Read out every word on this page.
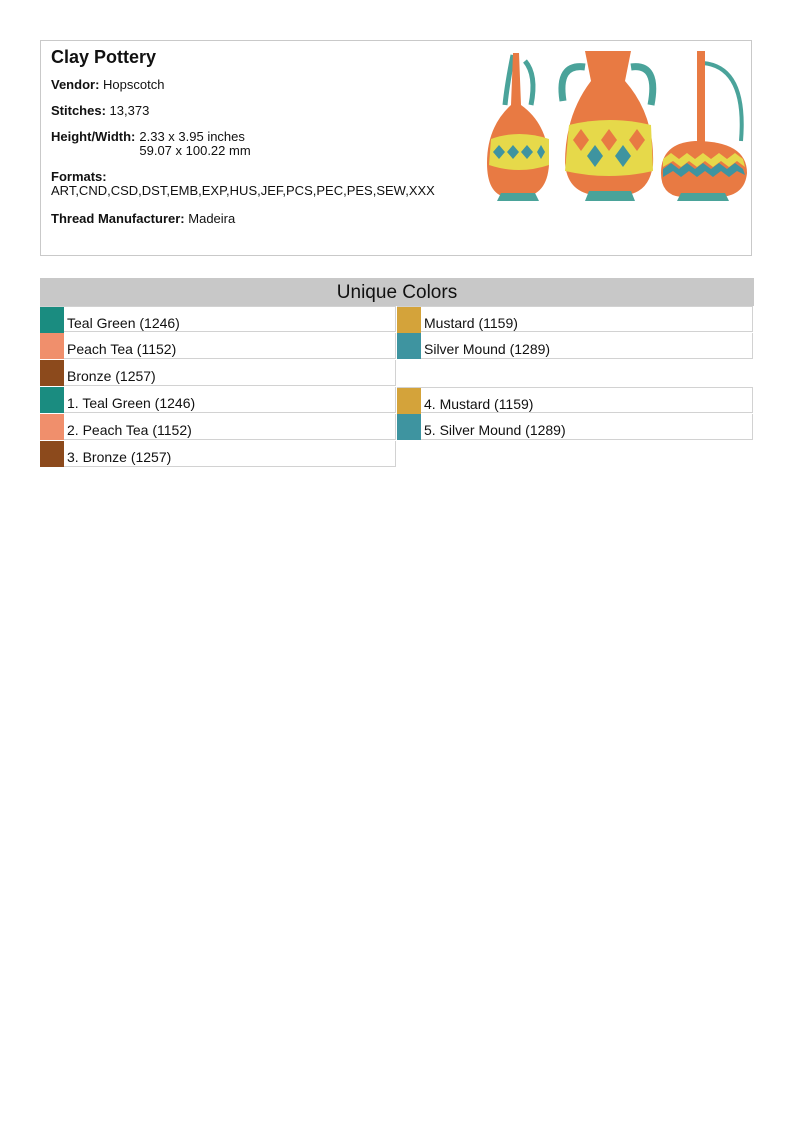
Clay Pottery
Vendor: Hopscotch
Stitches: 13,373
Height/Width: 2.33 x 3.95 inches
59.07 x 100.22 mm
Formats:
ART,CND,CSD,DST,EMB,EXP,HUS,JEF,PCS,PEC,PES,SEW,XXX
Thread Manufacturer: Madeira
Unique Colors
Teal Green (1246)	Mustard (1159)
Peach Tea (1152)	Silver Mound (1289)
Bronze (1257)
1. Teal Green (1246)	4. Mustard (1159)
2. Peach Tea (1152)	5. Silver Mound (1289)
3. Bronze (1257)
